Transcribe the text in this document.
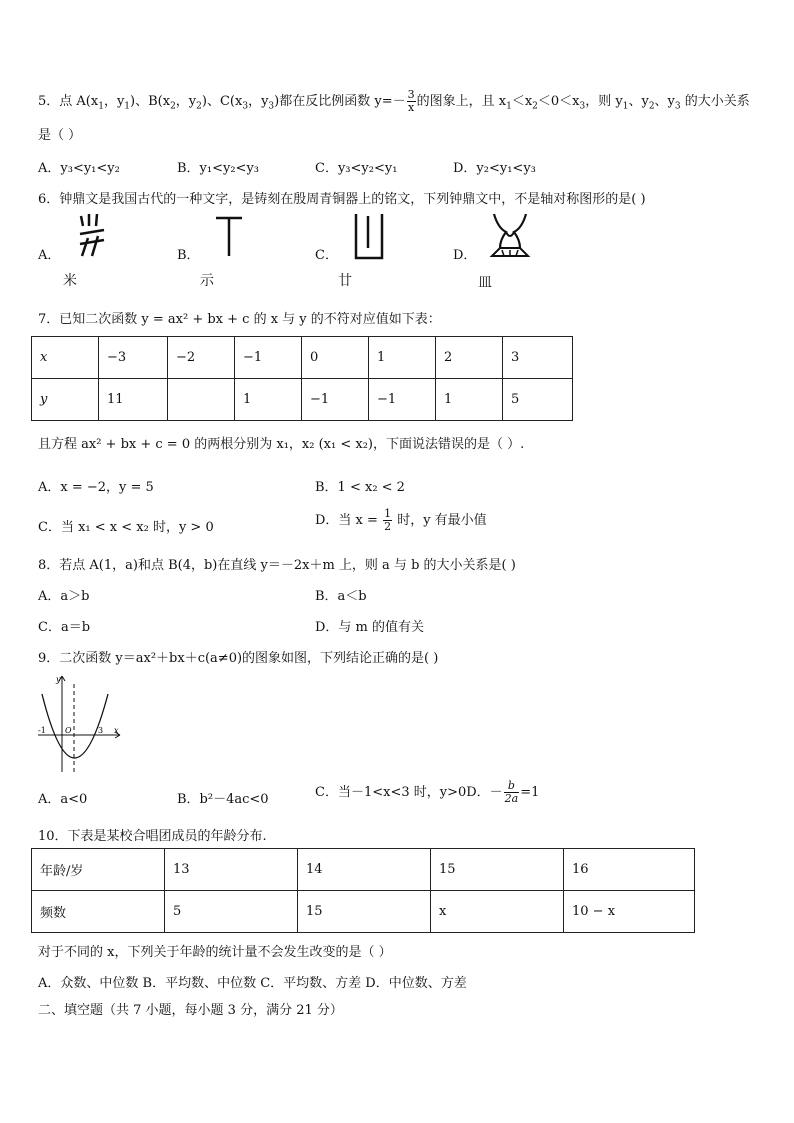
5．点 $A(x_1$，$y_1$)、$B(x_2$，$y_2$)、$C(x_3$，$y_3$)都在反比例函数 $y=- \frac{3}{x}$ 的图象上，且 $x_1<x_2<0<x_3$，则 $y_1$、$y_2$、$y_3$ 的大小关系
是（ ）
A．y₃<y₁<y₂	B．y₁<y₂<y₃	C．y₃<y₂<y₁	D．y₂<y₁<y₃
6．钟鼎文是我国古代的一种文字，是铸刻在殷周青铜器上的铭文，下列钟鼎文中，不是轴对称图形的是( )
A．
米
B．
示
C．
廿
D．
皿
7．已知二次函数 y = ax² + bx + c 的 x 与 y 的不符对应值如下表：
x	−3	−2	−1	0	1	2	3
y	11		1	−1	−1	1	5
且方程 ax² + bx + c = 0 的两根分别为 x₁，x₂ (x₁ < x₂)，下面说法错误的是（ ）.
A．x = −2，y = 5	B．1 < x₂ < 2
C．当 x₁ < x < x₂ 时，y > 0	D．当 $x = \frac{1}{2}$ 时，y 有最小值
8．若点 A(1，a)和点 B(4，b)在直线 y＝－2x＋m 上，则 a 与 b 的大小关系是( )
A．a＞b	B．a＜b
C．a＝b	D．与 m 的值有关
9．二次函数 y＝ax²＋bx＋c(a≠0)的图象如图，下列结论正确的是( )
y
x
O
-1	3
A．a<0	B．b²－4ac<0	C．当－1<x<3 时，y>0D．－ $\frac{b}{2a} =1$
10．下表是某校合唱团成员的年龄分布.
年龄/岁	13	14	15	16
频数	5	15	x	10 − x
对于不同的 x，下列关于年龄的统计量不会发生改变的是（ ）
A．众数、中位数 B．平均数、中位数 C．平均数、方差 D．中位数、方差
二、填空题（共 7 小题，每小题 3 分，满分 21 分）
